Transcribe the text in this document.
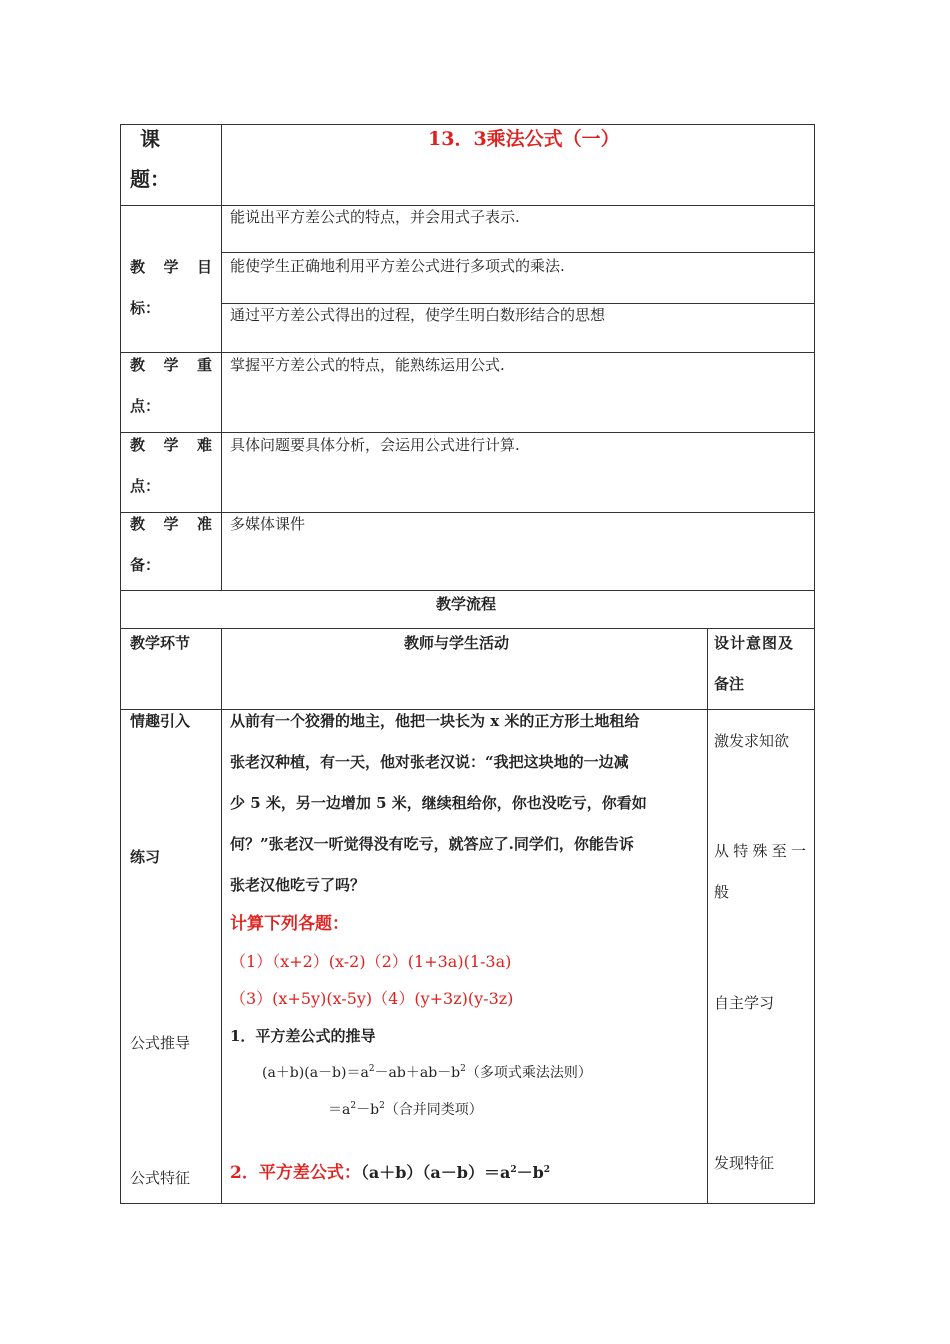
课
题：
13．3乘法公式（一）
教 学 目
标：
能说出平方差公式的特点，并会用式子表示.
能使学生正确地利用平方差公式进行多项式的乘法.
通过平方差公式得出的过程，使学生明白数形结合的思想
教 学 重
点：
掌握平方差公式的特点，能熟练运用公式.
教 学 难
点：
具体问题要具体分析，会运用公式进行计算.
教 学 准
备：
多媒体课件
教学流程
教学环节	教师与学生活动	设计意图及
备注
情趣引入
练习
公式推导
公式特征
从前有一个狡猾的地主，他把一块长为 x 米的正方形土地租给
张老汉种植，有一天，他对张老汉说：“我把这块地的一边减
少 5 米，另一边增加 5 米，继续租给你，你也没吃亏，你看如
何？”张老汉一听觉得没有吃亏，就答应了.同学们，你能告诉
张老汉他吃亏了吗？
计算下列各题：
（1）（x+2）(x-2)（2）(1+3a)(1-3a)
（3）(x+5y)(x-5y)（4）(y+3z)(y-3z)
1．平方差公式的推导
$(a+b)(a-b)=a^2-ab+ab-b^2$（多项式乘法法则）
$=a^2-b^2$（合并同类项）
2．平方差公式：$(a+b)(a-b)=a^2-b^2$
激发求知欲
从 特 殊 至 一
般
自主学习
发现特征
